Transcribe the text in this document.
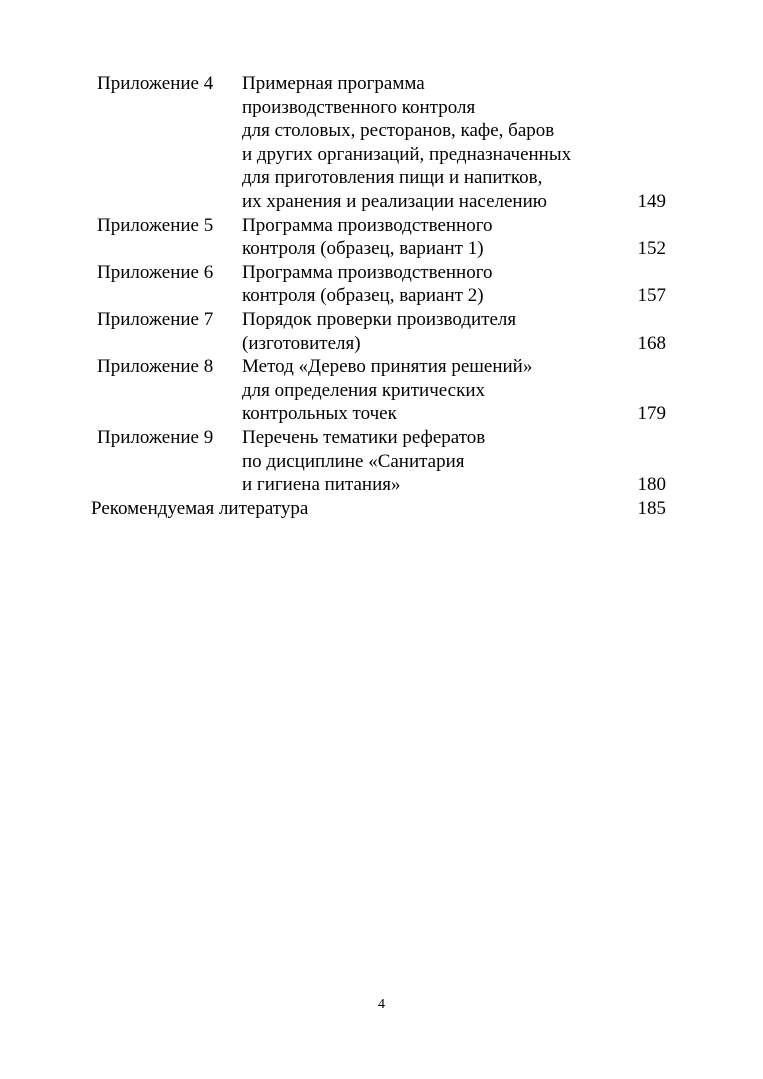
Приложение 4 Примерная программа
производственного контроля
для столовых, ресторанов, кафе, баров
и других организаций, предназначенных
для приготовления пищи и напитков,
их хранения и реализации населению	149
Приложение 5 Программа производственного
контроля (образец, вариант 1)	152
Приложение 6 Программа производственного
контроля (образец, вариант 2)	157
Приложение 7 Порядок проверки производителя
(изготовителя)	168
Приложение 8 Метод «Дерево принятия решений»
для определения критических
контрольных точек	179
Приложение 9 Перечень тематики рефератов
по дисциплине «Санитария
и гигиена питания»	180
Рекомендуемая литература	185
4
